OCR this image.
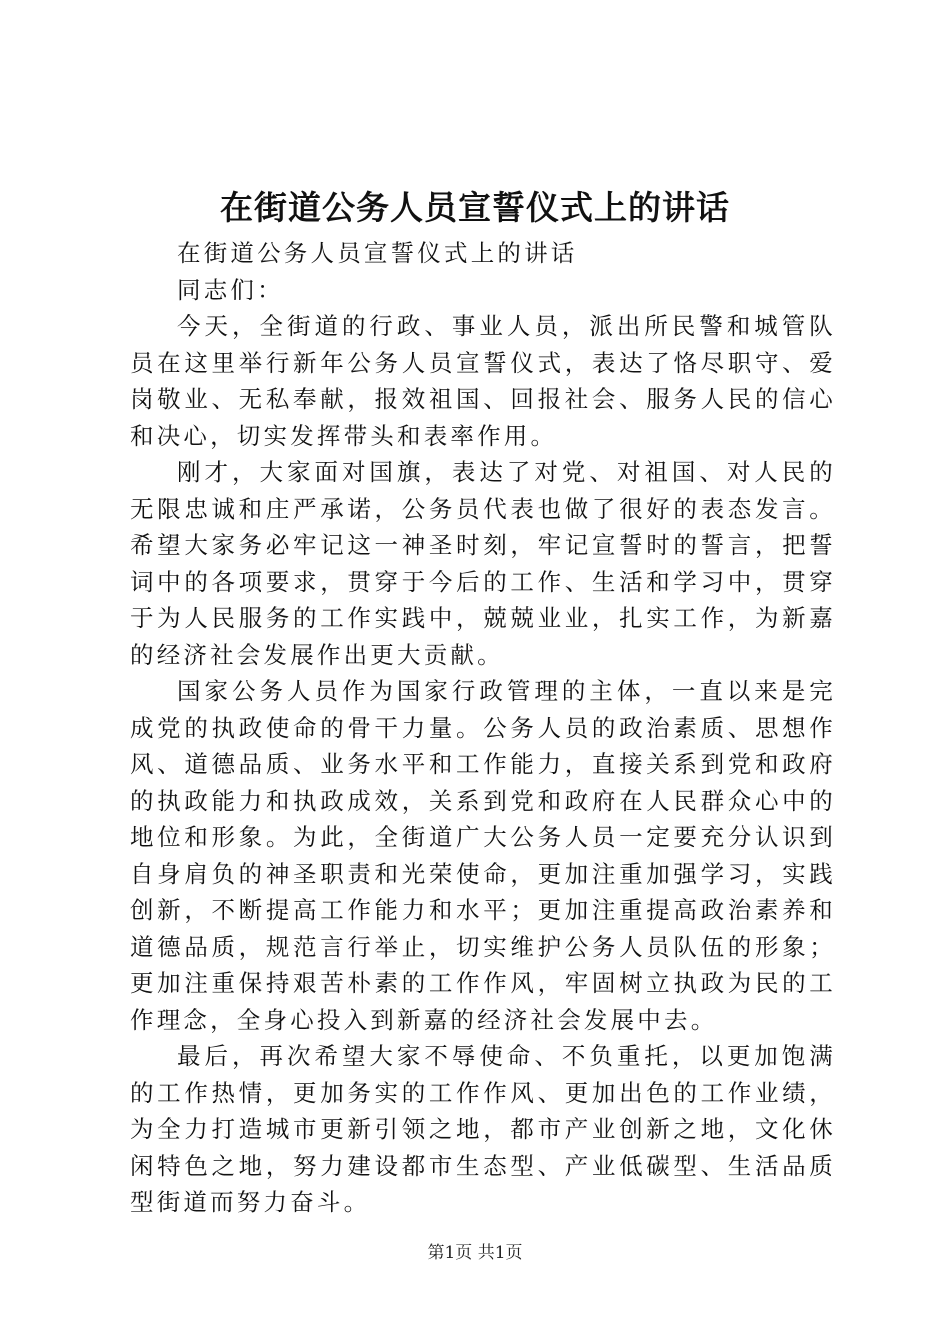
在街道公务人员宣誓仪式上的讲话

在街道公务人员宣誓仪式上的讲话

同志们：

今天，全街道的行政、事业人员，派出所民警和城管队员在这里举行新年公务人员宣誓仪式，表达了恪尽职守、爱岗敬业、无私奉献，报效祖国、回报社会、服务人民的信心和决心，切实发挥带头和表率作用。

刚才，大家面对国旗，表达了对党、对祖国、对人民的无限忠诚和庄严承诺，公务员代表也做了很好的表态发言。希望大家务必牢记这一神圣时刻，牢记宣誓时的誓言，把誓词中的各项要求，贯穿于今后的工作、生活和学习中，贯穿于为人民服务的工作实践中，兢兢业业，扎实工作，为新嘉的经济社会发展作出更大贡献。

国家公务人员作为国家行政管理的主体，一直以来是完成党的执政使命的骨干力量。公务人员的政治素质、思想作风、道德品质、业务水平和工作能力，直接关系到党和政府的执政能力和执政成效，关系到党和政府在人民群众心中的地位和形象。为此，全街道广大公务人员一定要充分认识到自身肩负的神圣职责和光荣使命，更加注重加强学习，实践创新，不断提高工作能力和水平；更加注重提高政治素养和道德品质，规范言行举止，切实维护公务人员队伍的形象；更加注重保持艰苦朴素的工作作风，牢固树立执政为民的工作理念，全身心投入到新嘉的经济社会发展中去。

最后，再次希望大家不辱使命、不负重托，以更加饱满的工作热情，更加务实的工作作风、更加出色的工作业绩，为全力打造城市更新引领之地，都市产业创新之地，文化休闲特色之地，努力建设都市生态型、产业低碳型、生活品质型街道而努力奋斗。

第1页 共1页
